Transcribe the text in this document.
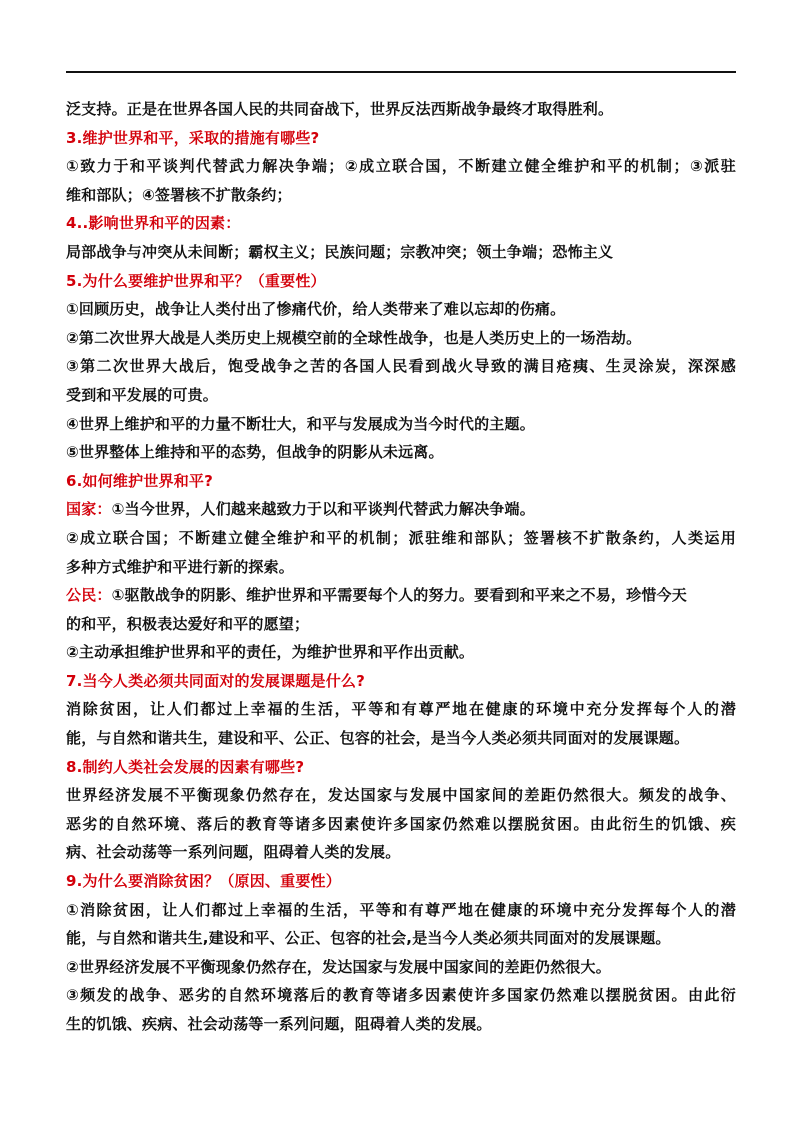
泛支持。正是在世界各国人民的共同奋战下，世界反法西斯战争最终才取得胜利。
3.维护世界和平，采取的措施有哪些?
①致力于和平谈判代替武力解决争端；②成立联合国，不断建立健全维护和平的机制；③派驻
维和部队；④签署核不扩散条约；
4..影响世界和平的因素：
局部战争与冲突从未间断；霸权主义；民族问题；宗教冲突；领土争端；恐怖主义
5.为什么要维护世界和平？（重要性）
①回顾历史，战争让人类付出了惨痛代价，给人类带来了难以忘却的伤痛。
②第二次世界大战是人类历史上规模空前的全球性战争，也是人类历史上的一场浩劫。
③第二次世界大战后，饱受战争之苦的各国人民看到战火导致的满目疮痍、生灵涂炭，深深感
受到和平发展的可贵。
④世界上维护和平的力量不断壮大，和平与发展成为当今时代的主题。
⑤世界整体上维持和平的态势，但战争的阴影从未远离。
6.如何维护世界和平?
国家：①当今世界，人们越来越致力于以和平谈判代替武力解决争端。
②成立联合国；不断建立健全维护和平的机制；派驻维和部队；签署核不扩散条约，人类运用
多种方式维护和平进行新的探索。
公民：①驱散战争的阴影、维护世界和平需要每个人的努力。要看到和平来之不易，珍惜今天
的和平，积极表达爱好和平的愿望；
②主动承担维护世界和平的责任，为维护世界和平作出贡献。
7.当今人类必须共同面对的发展课题是什么?
消除贫困，让人们都过上幸福的生活，平等和有尊严地在健康的环境中充分发挥每个人的潜
能，与自然和谐共生，建设和平、公正、包容的社会，是当今人类必须共同面对的发展课题。
8.制约人类社会发展的因素有哪些?
世界经济发展不平衡现象仍然存在，发达国家与发展中国家间的差距仍然很大。频发的战争、
恶劣的自然环境、落后的教育等诸多因素使许多国家仍然难以摆脱贫困。由此衍生的饥饿、疾
病、社会动荡等一系列问题，阻碍着人类的发展。
9.为什么要消除贫困？（原因、重要性）
①消除贫困，让人们都过上幸福的生活，平等和有尊严地在健康的环境中充分发挥每个人的潜
能，与自然和谐共生,建设和平、公正、包容的社会,是当今人类必须共同面对的发展课题。
②世界经济发展不平衡现象仍然存在，发达国家与发展中国家间的差距仍然很大。
③频发的战争、恶劣的自然环境落后的教育等诸多因素使许多国家仍然难以摆脱贫困。由此衍
生的饥饿、疾病、社会动荡等一系列问题，阻碍着人类的发展。
